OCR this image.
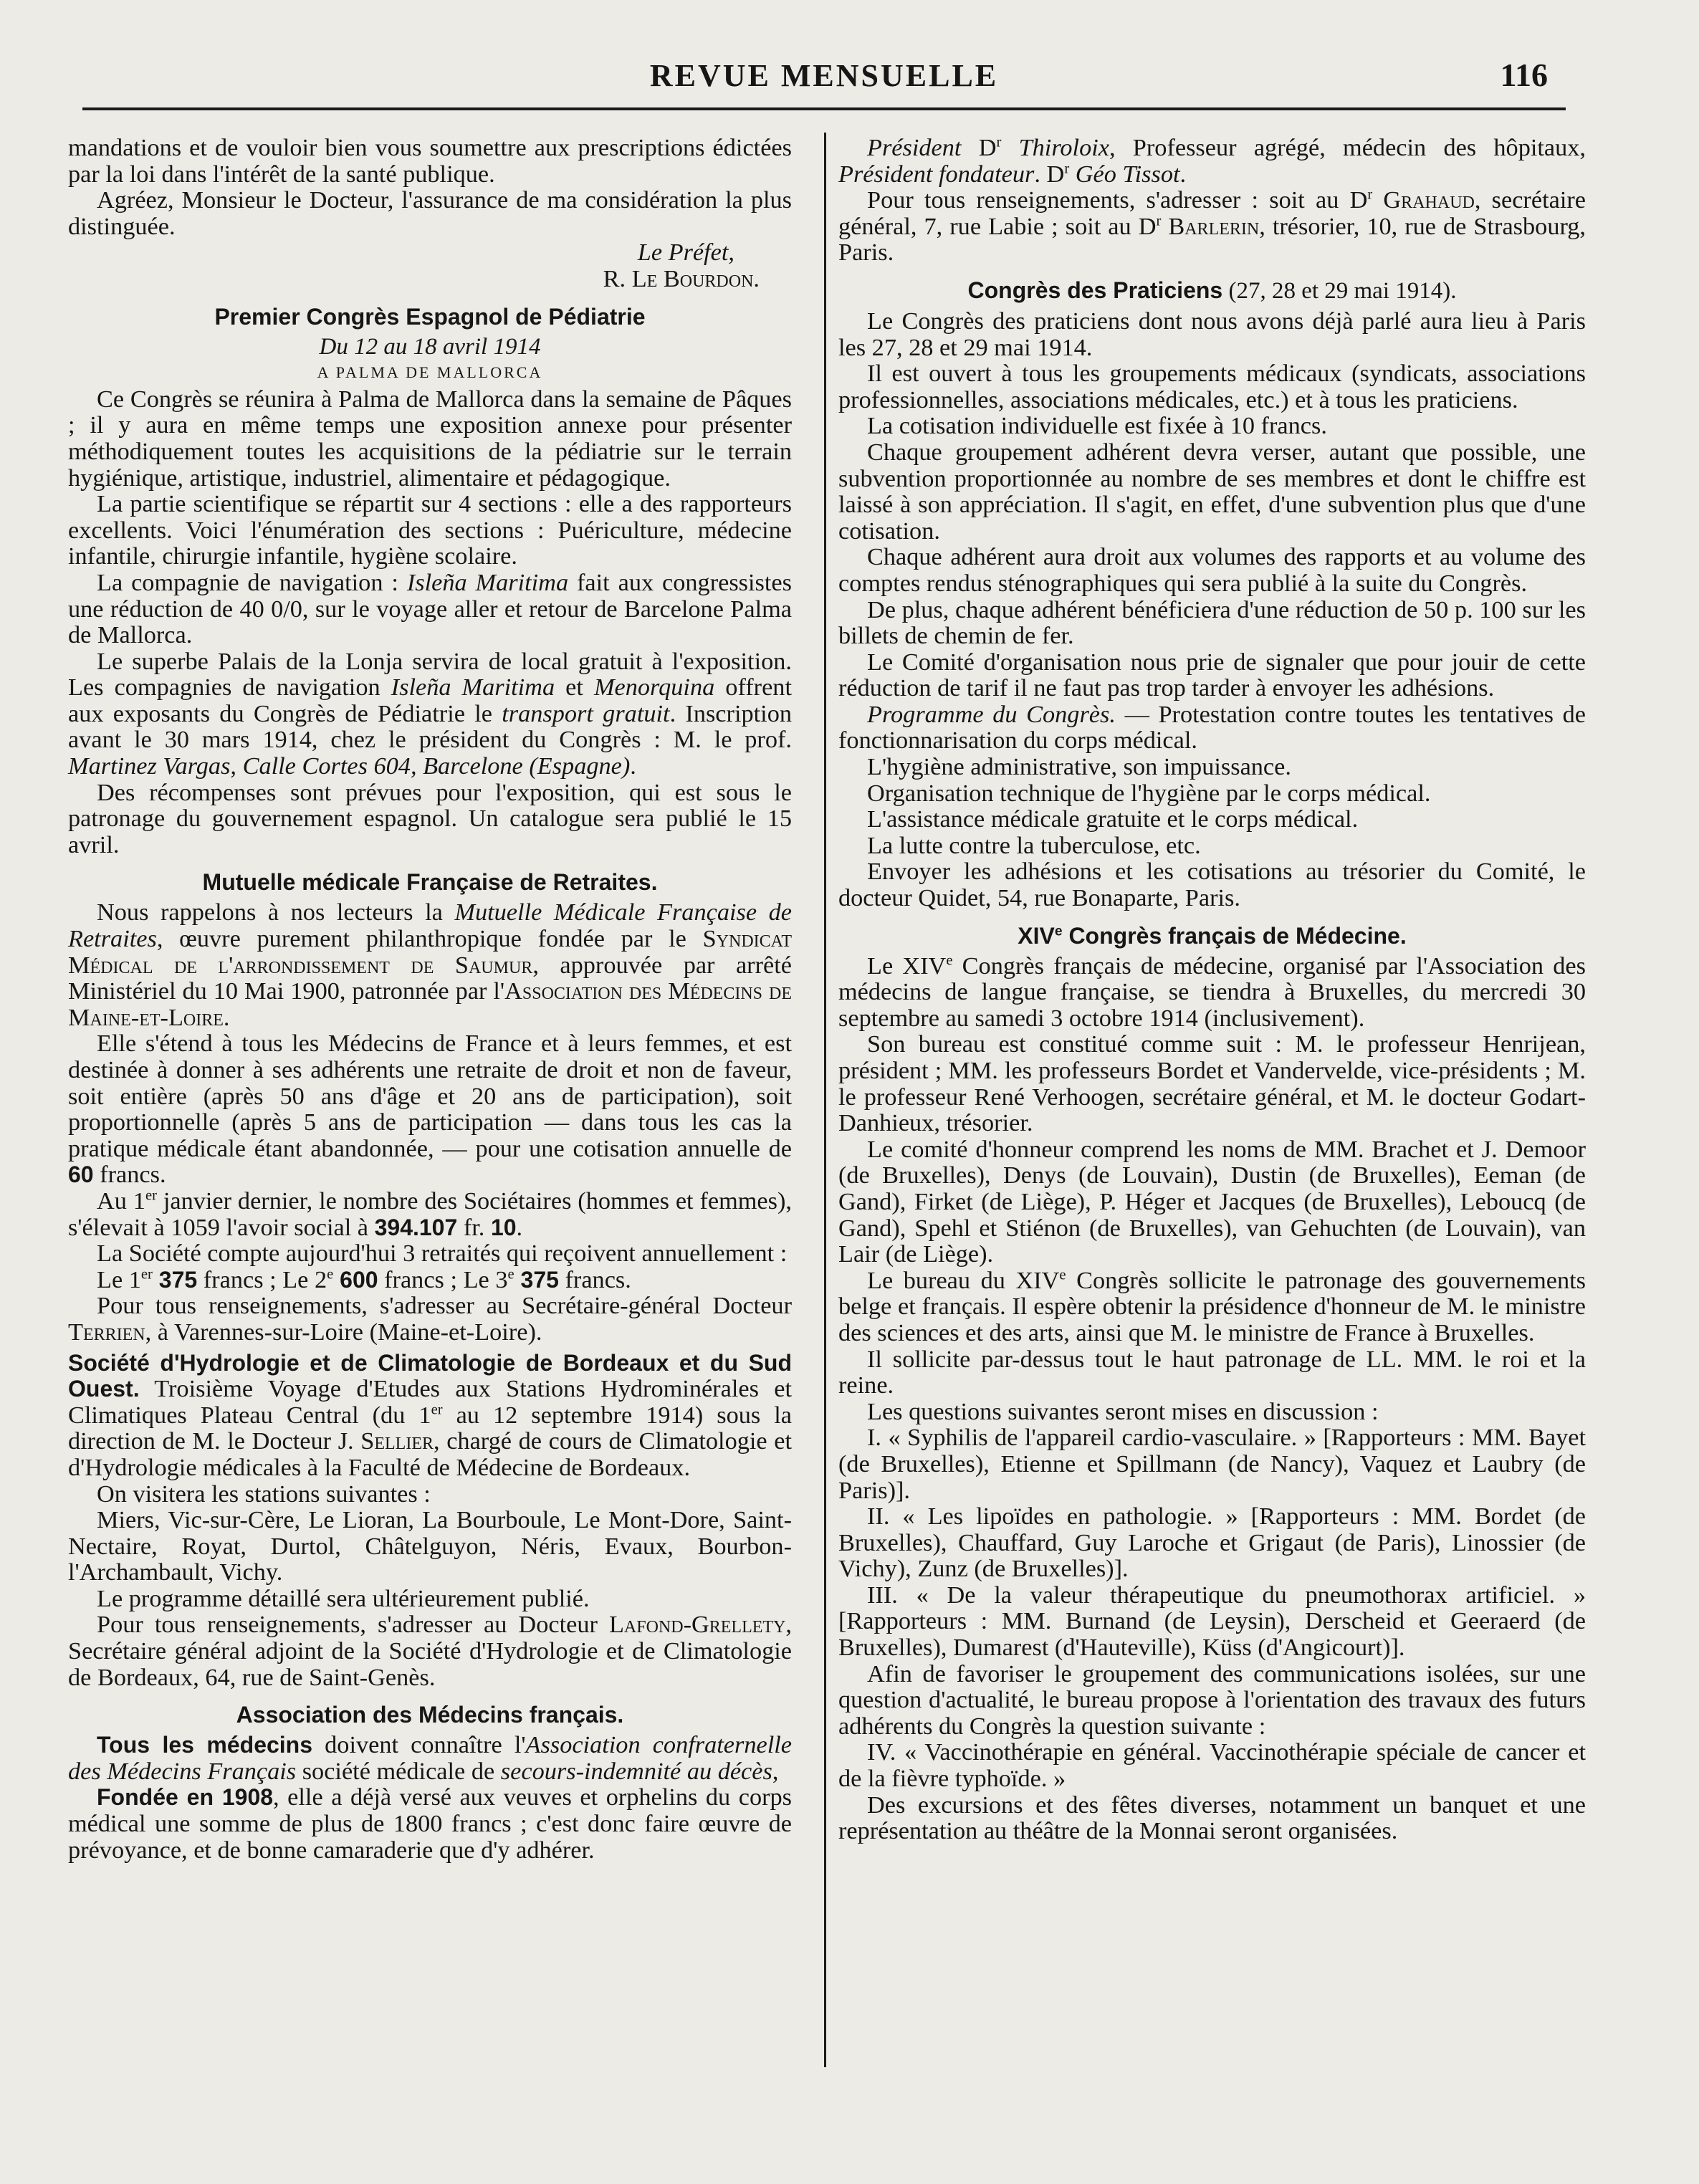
REVUE MENSUELLE	116

mandations et de vouloir bien vous soumettre aux prescriptions édictées par la loi dans l'intérêt de la santé publique.

Agréez, Monsieur le Docteur, l'assurance de ma considération la plus distinguée.

Le Préfet,

R. Le Bourdon.

Premier Congrès Espagnol de Pédiatrie
Du 12 au 18 avril 1914
A PALMA DE MALLORCA

Ce Congrès se réunira à Palma de Mallorca dans la semaine de Pâques ; il y aura en même temps une exposition annexe pour présenter méthodiquement toutes les acquisitions de la pédiatrie sur le terrain hygiénique, artistique, industriel, alimentaire et pédagogique.

La partie scientifique se répartit sur 4 sections : elle a des rapporteurs excellents. Voici l'énumération des sections : Puériculture, médecine infantile, chirurgie infantile, hygiène scolaire.

La compagnie de navigation : Isleña Maritima fait aux congressistes une réduction de 40 0/0, sur le voyage aller et retour de Barcelone Palma de Mallorca.

Le superbe Palais de la Lonja servira de local gratuit à l'exposition. Les compagnies de navigation Isleña Maritima et Menorquina offrent aux exposants du Congrès de Pédiatrie le transport gratuit. Inscription avant le 30 mars 1914, chez le président du Congrès : M. le prof. Martinez Vargas, Calle Cortes 604, Barcelone (Espagne).

Des récompenses sont prévues pour l'exposition, qui est sous le patronage du gouvernement espagnol. Un catalogue sera publié le 15 avril.

Mutuelle médicale Française de Retraites.

Nous rappelons à nos lecteurs la Mutuelle Médicale Française de Retraites, œuvre purement philanthropique fondée par le Syndicat Médical de l'arrondissement de Saumur, approuvée par arrêté Ministériel du 10 Mai 1900, patronnée par l'Association des Médecins de Maine-et-Loire.

Elle s'étend à tous les Médecins de France et à leurs femmes, et est destinée à donner à ses adhérents une retraite de droit et non de faveur, soit entière (après 50 ans d'âge et 20 ans de participation), soit proportionnelle (après 5 ans de participation — dans tous les cas la pratique médicale étant abandonnée, — pour une cotisation annuelle de 60 francs.

Au 1er janvier dernier, le nombre des Sociétaires (hommes et femmes), s'élevait à 1059 l'avoir social à 394.107 fr. 10.

La Société compte aujourd'hui 3 retraités qui reçoivent annuellement :

Le 1er 375 francs ; Le 2e 600 francs ; Le 3e 375 francs.

Pour tous renseignements, s'adresser au Secrétaire-général Docteur Terrien, à Varennes-sur-Loire (Maine-et-Loire).

Société d'Hydrologie et de Climatologie de Bordeaux et du Sud Ouest. Troisième Voyage d'Etudes aux Stations Hydrominérales et Climatiques Plateau Central (du 1er au 12 septembre 1914) sous la direction de M. le Docteur J. Sellier, chargé de cours de Climatologie et d'Hydrologie médicales à la Faculté de Médecine de Bordeaux.

On visitera les stations suivantes :

Miers, Vic-sur-Cère, Le Lioran, La Bourboule, Le Mont-Dore, Saint-Nectaire, Royat, Durtol, Châtelguyon, Néris, Evaux, Bourbon-l'Archambault, Vichy.

Le programme détaillé sera ultérieurement publié.

Pour tous renseignements, s'adresser au Docteur Lafond-Grellety, Secrétaire général adjoint de la Société d'Hydrologie et de Climatologie de Bordeaux, 64, rue de Saint-Genès.

Association des Médecins français.

Tous les médecins doivent connaître l'Association confraternelle des Médecins Français société médicale de secours-indemnité au décès,

Fondée en 1908, elle a déjà versé aux veuves et orphelins du corps médical une somme de plus de 1800 francs ; c'est donc faire œuvre de prévoyance, et de bonne camaraderie que d'y adhérer.

Président $D^r$ Thiroloix, Professeur agrégé, médecin des hôpitaux, Président fondateur. $D^r$ Géo Tissot.

Pour tous renseignements, s'adresser : soit au $D^r$ Grahaud, secrétaire général, 7, rue Labie ; soit au $D^r$ Barlerin, trésorier, 10, rue de Strasbourg, Paris.

Congrès des Praticiens (27, 28 et 29 mai 1914).

Le Congrès des praticiens dont nous avons déjà parlé aura lieu à Paris les 27, 28 et 29 mai 1914.

Il est ouvert à tous les groupements médicaux (syndicats, associations professionnelles, associations médicales, etc.) et à tous les praticiens.

La cotisation individuelle est fixée à 10 francs.

Chaque groupement adhérent devra verser, autant que possible, une subvention proportionnée au nombre de ses membres et dont le chiffre est laissé à son appréciation. Il s'agit, en effet, d'une subvention plus que d'une cotisation.

Chaque adhérent aura droit aux volumes des rapports et au volume des comptes rendus sténographiques qui sera publié à la suite du Congrès.

De plus, chaque adhérent bénéficiera d'une réduction de 50 p. 100 sur les billets de chemin de fer.

Le Comité d'organisation nous prie de signaler que pour jouir de cette réduction de tarif il ne faut pas trop tarder à envoyer les adhésions.

Programme du Congrès. — Protestation contre toutes les tentatives de fonctionnarisation du corps médical.

L'hygiène administrative, son impuissance.

Organisation technique de l'hygiène par le corps médical.

L'assistance médicale gratuite et le corps médical.

La lutte contre la tuberculose, etc.

Envoyer les adhésions et les cotisations au trésorier du Comité, le docteur Quidet, 54, rue Bonaparte, Paris.

XIVe Congrès français de Médecine.

Le XIVe Congrès français de médecine, organisé par l'Association des médecins de langue française, se tiendra à Bruxelles, du mercredi 30 septembre au samedi 3 octobre 1914 (inclusivement).

Son bureau est constitué comme suit : M. le professeur Henrijean, président ; MM. les professeurs Bordet et Vandervelde, vice-présidents ; M. le professeur René Verhoogen, secrétaire général, et M. le docteur Godart-Danhieux, trésorier.

Le comité d'honneur comprend les noms de MM. Brachet et J. Demoor (de Bruxelles), Denys (de Louvain), Dustin (de Bruxelles), Eeman (de Gand), Firket (de Liège), P. Héger et Jacques (de Bruxelles), Leboucq (de Gand), Spehl et Stiénon (de Bruxelles), van Gehuchten (de Louvain), van Lair (de Liège).

Le bureau du XIVe Congrès sollicite le patronage des gouvernements belge et français. Il espère obtenir la présidence d'honneur de M. le ministre des sciences et des arts, ainsi que M. le ministre de France à Bruxelles.

Il sollicite par-dessus tout le haut patronage de LL. MM. le roi et la reine.

Les questions suivantes seront mises en discussion :

I. « Syphilis de l'appareil cardio-vasculaire. » [Rapporteurs : MM. Bayet (de Bruxelles), Etienne et Spillmann (de Nancy), Vaquez et Laubry (de Paris)].

II. « Les lipoïdes en pathologie. » [Rapporteurs : MM. Bordet (de Bruxelles), Chauffard, Guy Laroche et Grigaut (de Paris), Linossier (de Vichy), Zunz (de Bruxelles)].

III. « De la valeur thérapeutique du pneumothorax artificiel. » [Rapporteurs : MM. Burnand (de Leysin), Derscheid et Geeraerd (de Bruxelles), Dumarest (d'Hauteville), Küss (d'Angicourt)].

Afin de favoriser le groupement des communications isolées, sur une question d'actualité, le bureau propose à l'orientation des travaux des futurs adhérents du Congrès la question suivante :

IV. « Vaccinothérapie en général. Vaccinothérapie spéciale de cancer et de la fièvre typhoïde. »

Des excursions et des fêtes diverses, notamment un banquet et une représentation au théâtre de la Monnai seront organisées.
